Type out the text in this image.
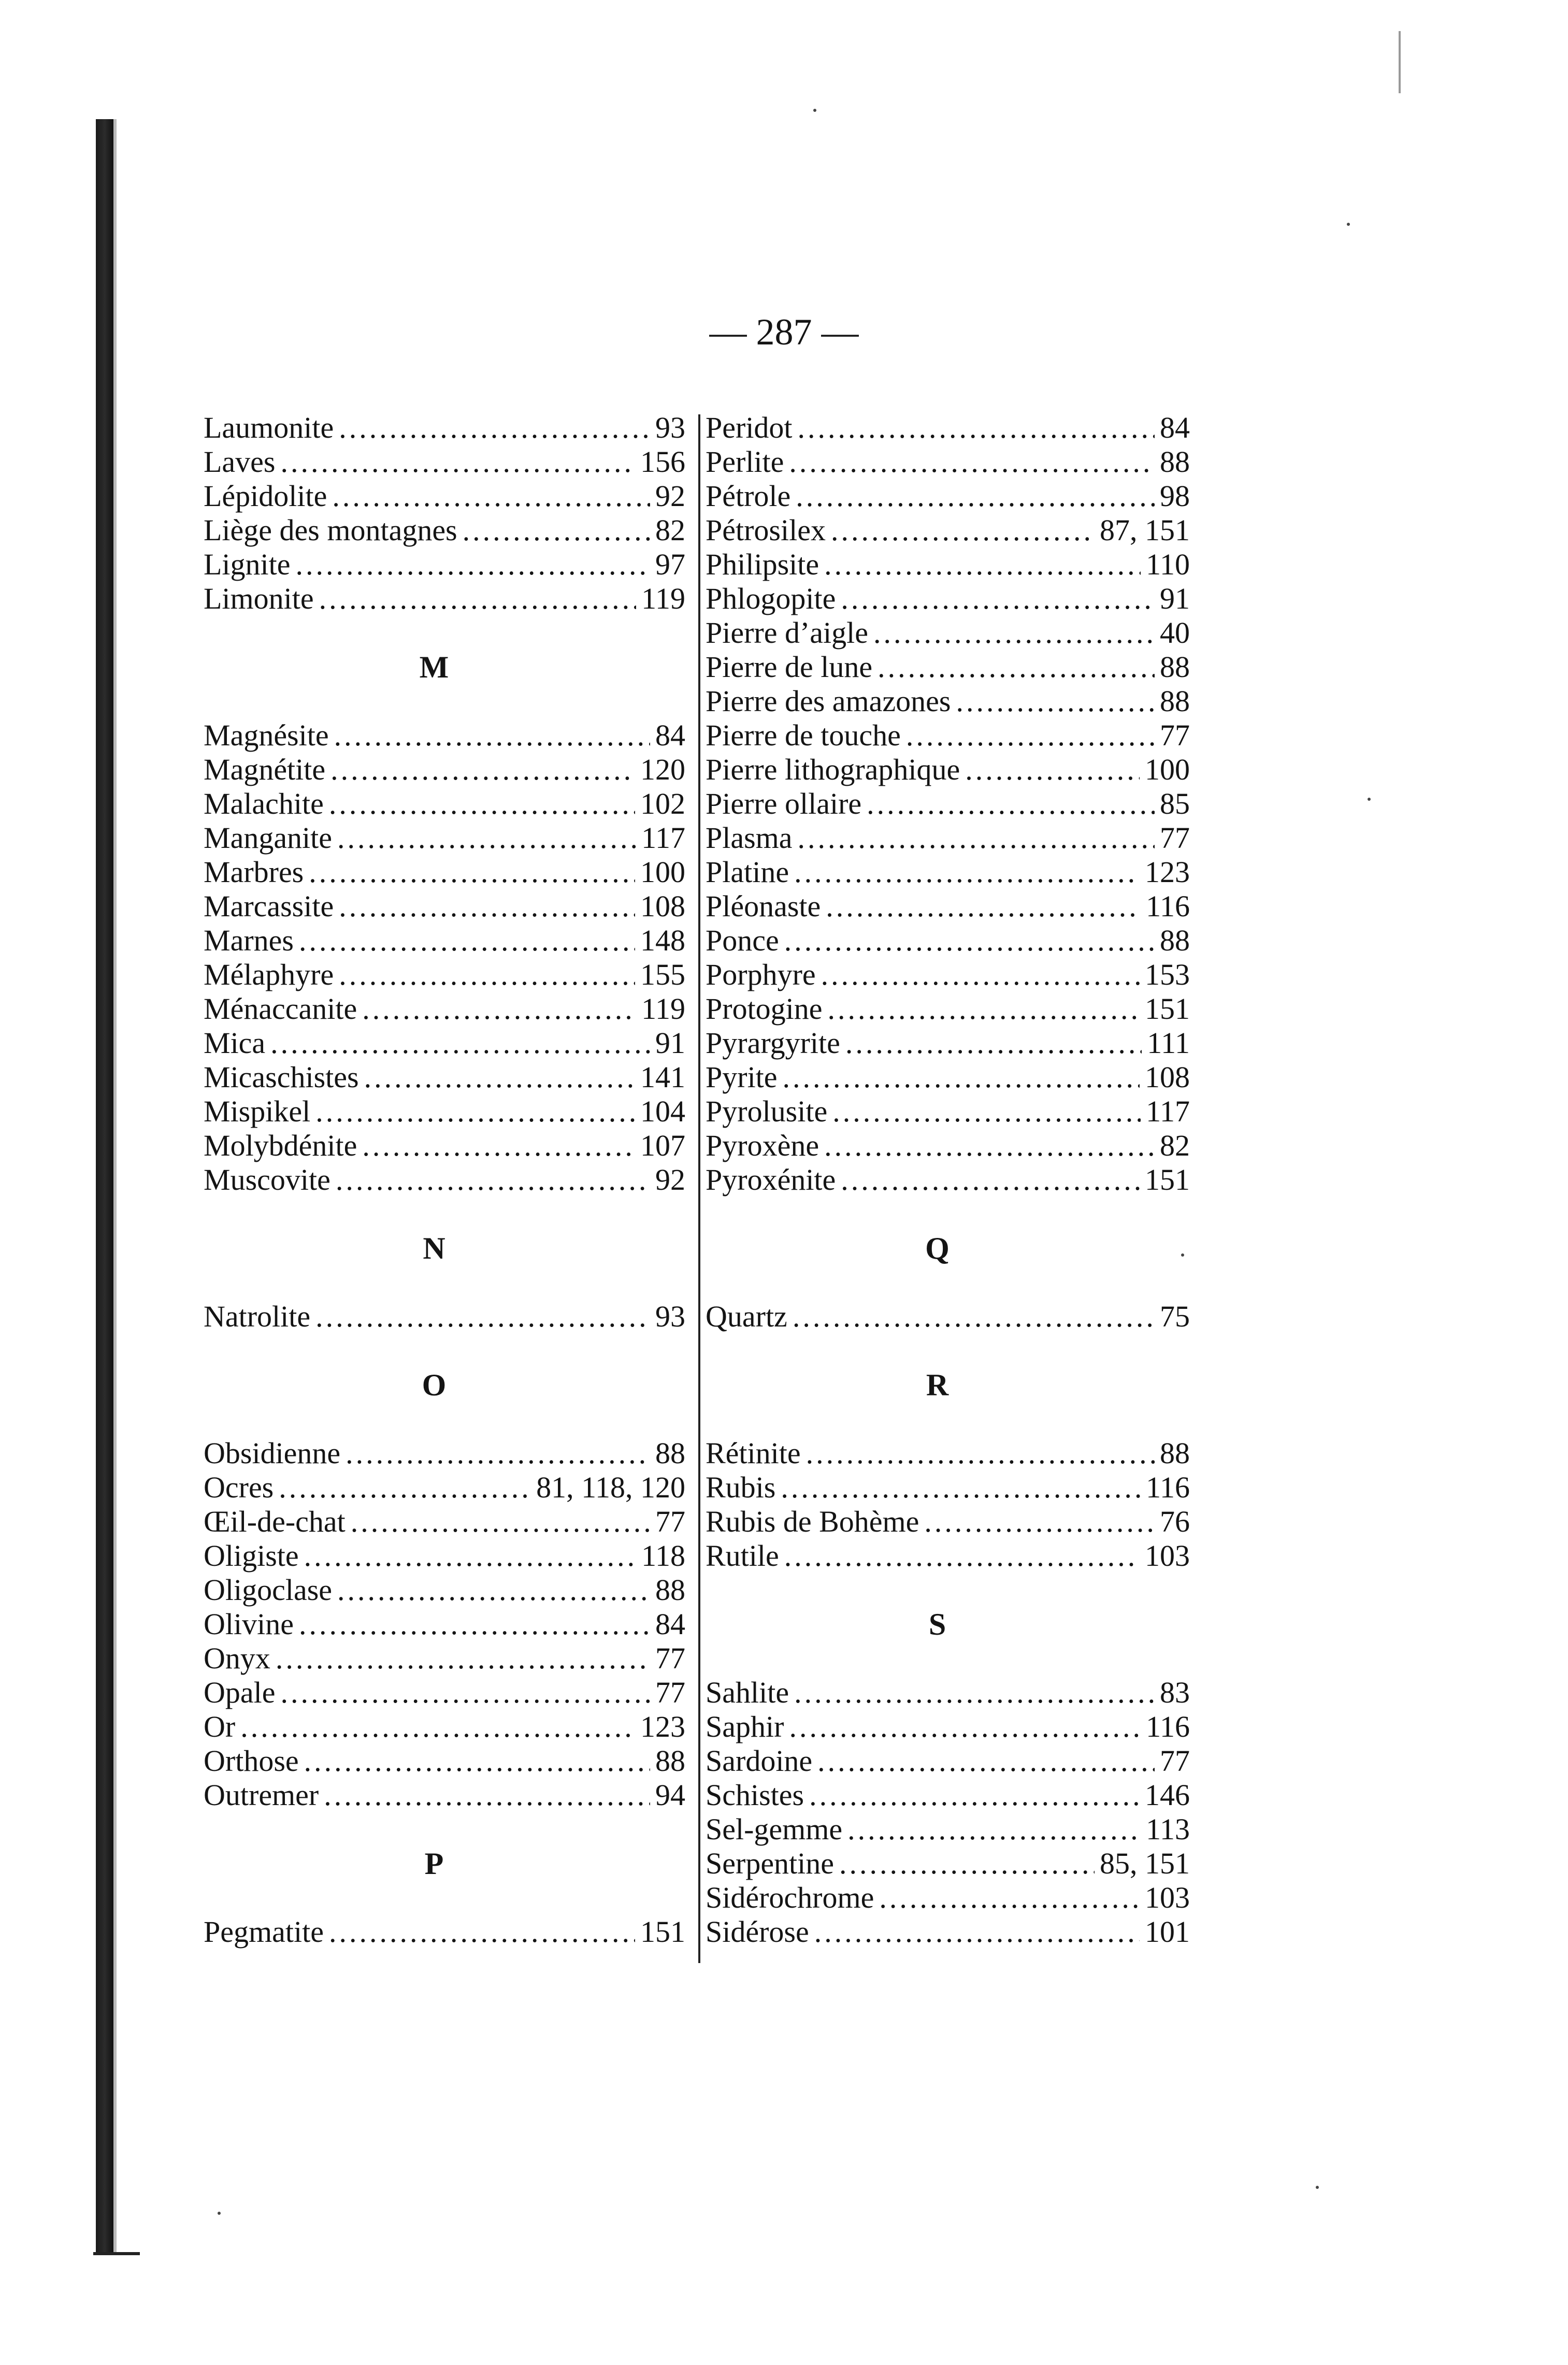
— 287 —
Laumonite .....	93
Laves .....	156
Lépidolite .....	92
Liège des montagnes .....	82
Lignite .....	97
Limonite .....	119
M
Magnésite .....	84
Magnétite .....	120
Malachite .....	102
Manganite .....	117
Marbres .....	100
Marcassite .....	108
Marnes .....	148
Mélaphyre .....	155
Ménaccanite .....	119
Mica .....	91
Micaschistes .....	141
Mispikel .....	104
Molybdénite .....	107
Muscovite .....	92
N
Natrolite .....	93
O
Obsidienne .....	88
Ocres .....	81, 118, 120
Œil-de-chat .....	77
Oligiste .....	118
Oligoclase .....	88
Olivine .....	84
Onyx .....	77
Opale .....	77
Or .....	123
Orthose .....	88
Outremer .....	94
P
Pegmatite .....	151
Peridot .....	84
Perlite .....	88
Pétrole .....	98
Pétrosilex .....	87, 151
Philipsite .....	110
Phlogopite .....	91
Pierre d’aigle .....	40
Pierre de lune .....	88
Pierre des amazones .....	88
Pierre de touche .....	77
Pierre lithographique .....	100
Pierre ollaire .....	85
Plasma .....	77
Platine .....	123
Pléonaste .....	116
Ponce .....	88
Porphyre .....	153
Protogine .....	151
Pyrargyrite .....	111
Pyrite .....	108
Pyrolusite .....	117
Pyroxène .....	82
Pyroxénite .....	151
Q
Quartz .....	75
R
Rétinite .....	88
Rubis .....	116
Rubis de Bohème .....	76
Rutile .....	103
S
Sahlite .....	83
Saphir .....	116
Sardoine .....	77
Schistes .....	146
Sel-gemme .....	113
Serpentine .....	85, 151
Sidérochrome .....	103
Sidérose .....	101
